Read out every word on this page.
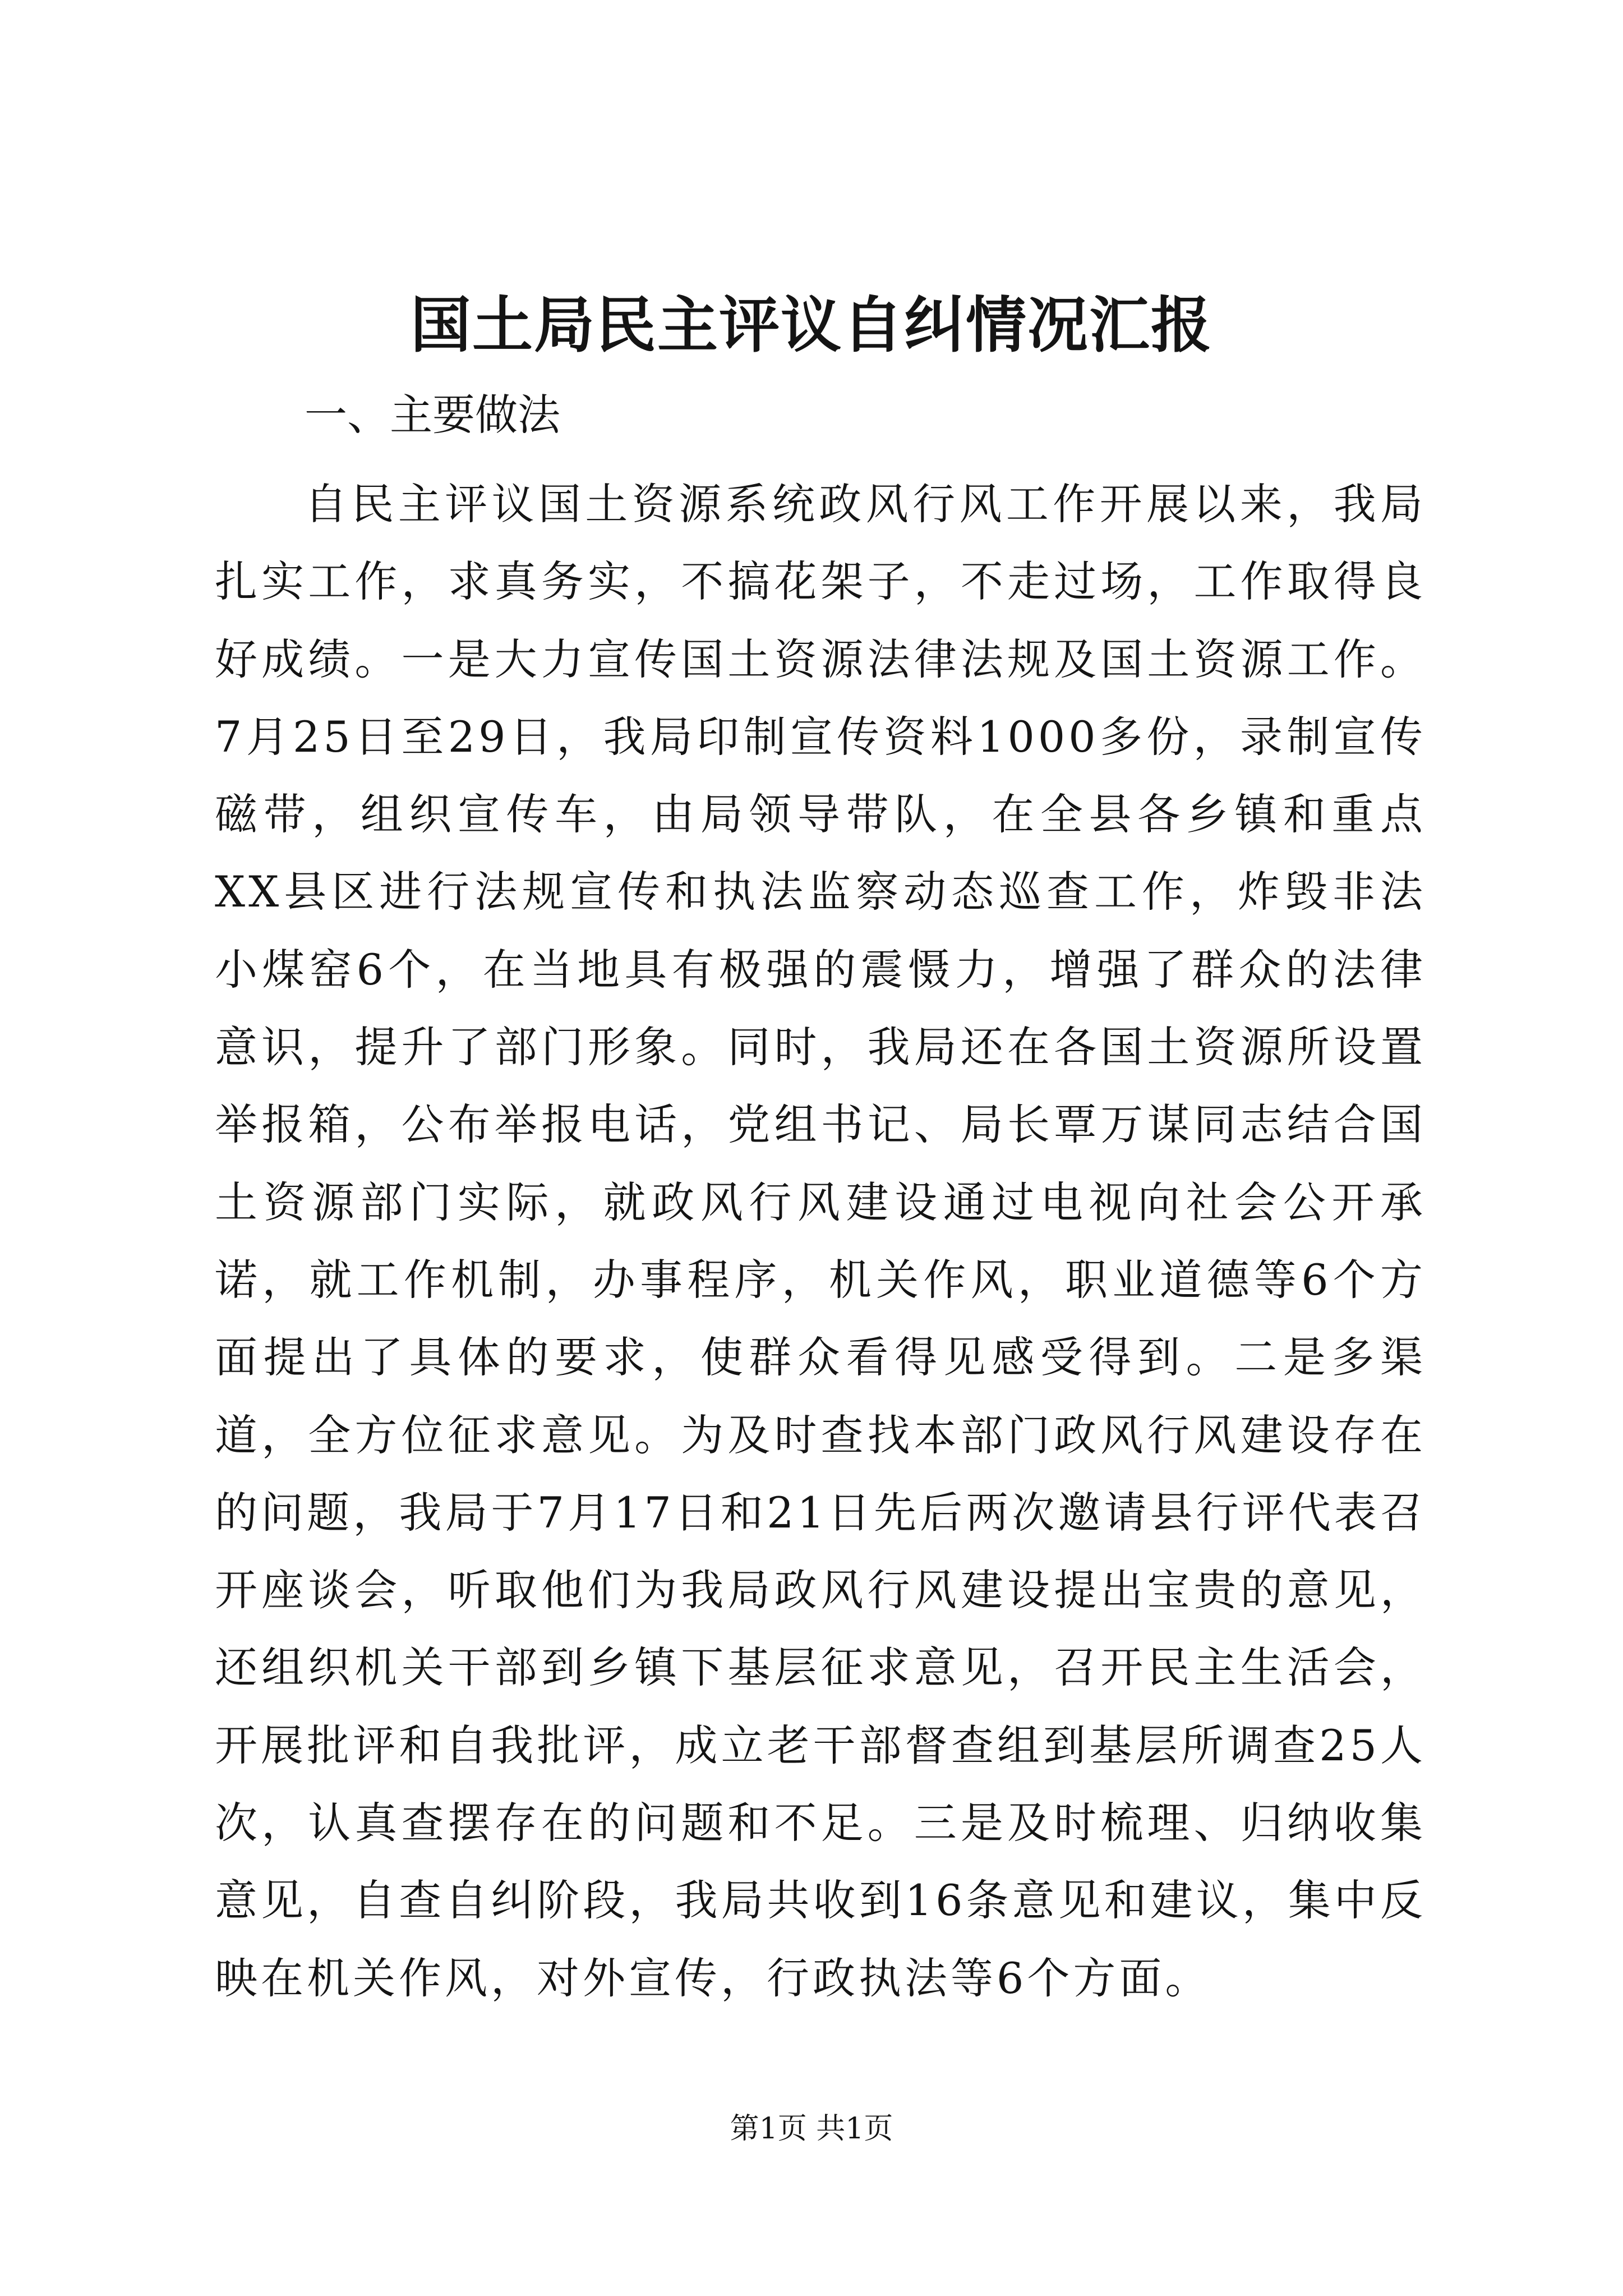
国土局民主评议自纠情况汇报

一、主要做法

自民主评议国土资源系统政风行风工作开展以来，我局扎实工作，求真务实，不搞花架子，不走过场，工作取得良好成绩。一是大力宣传国土资源法律法规及国土资源工作。7月25日至29日，我局印制宣传资料1000多份，录制宣传磁带，组织宣传车，由局领导带队，在全县各乡镇和重点XX县区进行法规宣传和执法监察动态巡查工作，炸毁非法小煤窑6个，在当地具有极强的震慑力，增强了群众的法律意识，提升了部门形象。同时，我局还在各国土资源所设置举报箱，公布举报电话，党组书记、局长覃万谋同志结合国土资源部门实际，就政风行风建设通过电视向社会公开承诺，就工作机制，办事程序，机关作风，职业道德等6个方面提出了具体的要求，使群众看得见感受得到。二是多渠道，全方位征求意见。为及时查找本部门政风行风建设存在的问题，我局于7月17日和21日先后两次邀请县行评代表召开座谈会，听取他们为我局政风行风建设提出宝贵的意见，还组织机关干部到乡镇下基层征求意见，召开民主生活会，开展批评和自我批评，成立老干部督查组到基层所调查25人次，认真查摆存在的问题和不足。三是及时梳理、归纳收集意见，自查自纠阶段，我局共收到16条意见和建议，集中反映在机关作风，对外宣传，行政执法等6个方面。

第1页 共1页
